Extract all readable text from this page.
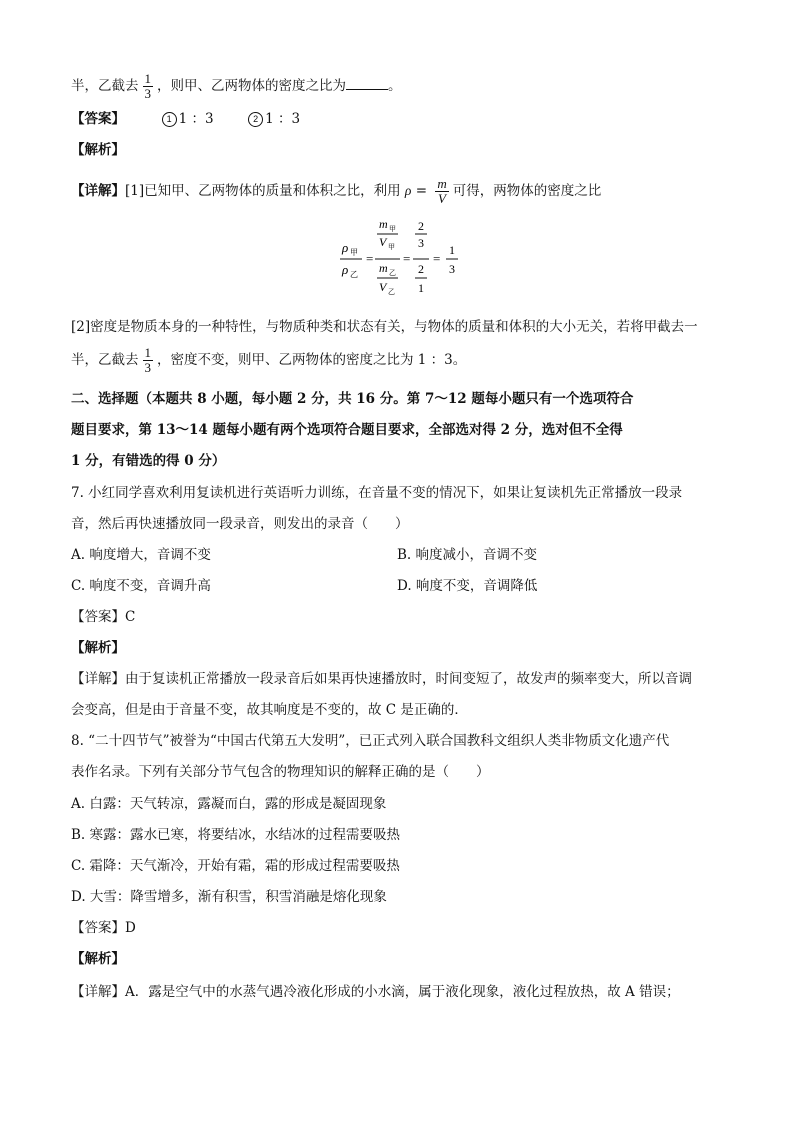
半，乙截去 $\frac{1}{3}$ ，则甲、乙两物体的密度之比为	。
【答案】	1 1 ：3	2 1 ：3
【解析】
【详解】[1]已知甲、乙两物体的质量和体积之比，利用 $\rho = \frac{m}{V}$ 可得，两物体的密度之比
ρ 甲
ρ 乙
=
m 甲
V 甲
m 乙
V 乙
=
2
3
2
1
=
1
3
[2]密度是物质本身的一种特性，与物质种类和状态有关，与物体的质量和体积的大小无关，若将甲截去一
半，乙截去 $\frac{1}{3}$ ，密度不变，则甲、乙两物体的密度之比为 1 ：3。
二、选择题（本题共 8 小题，每小题 2 分，共 16 分。第 7～12 题每小题只有一个选项符合
题目要求，第 13～14 题每小题有两个选项符合题目要求，全部选对得 2 分，选对但不全得
1 分，有错选的得 0 分）
7. 小红同学喜欢利用复读机进行英语听力训练，在音量不变的情况下，如果让复读机先正常播放一段录
音，然后再快速播放同一段录音，则发出的录音（　　）
A. 响度增大，音调不变	B. 响度减小，音调不变
C. 响度不变，音调升高	D. 响度不变，音调降低
【答案】C
【解析】
【详解】由于复读机正常播放一段录音后如果再快速播放时，时间变短了，故发声的频率变大，所以音调
会变高，但是由于音量不变，故其响度是不变的，故 C 是正确的．
8. “二十四节气”被誉为“中国古代第五大发明”，已正式列入联合国教科文组织人类非物质文化遗产代
表作名录。下列有关部分节气包含的物理知识的解释正确的是（　　）
A. 白露：天气转凉，露凝而白，露的形成是凝固现象
B. 寒露：露水已寒，将要结冰，水结冰的过程需要吸热
C. 霜降：天气渐冷，开始有霜，霜的形成过程需要吸热
D. 大雪：降雪增多，渐有积雪，积雪消融是熔化现象
【答案】D
【解析】
【详解】A．露是空气中的水蒸气遇冷液化形成的小水滴，属于液化现象，液化过程放热，故 A 错误；
